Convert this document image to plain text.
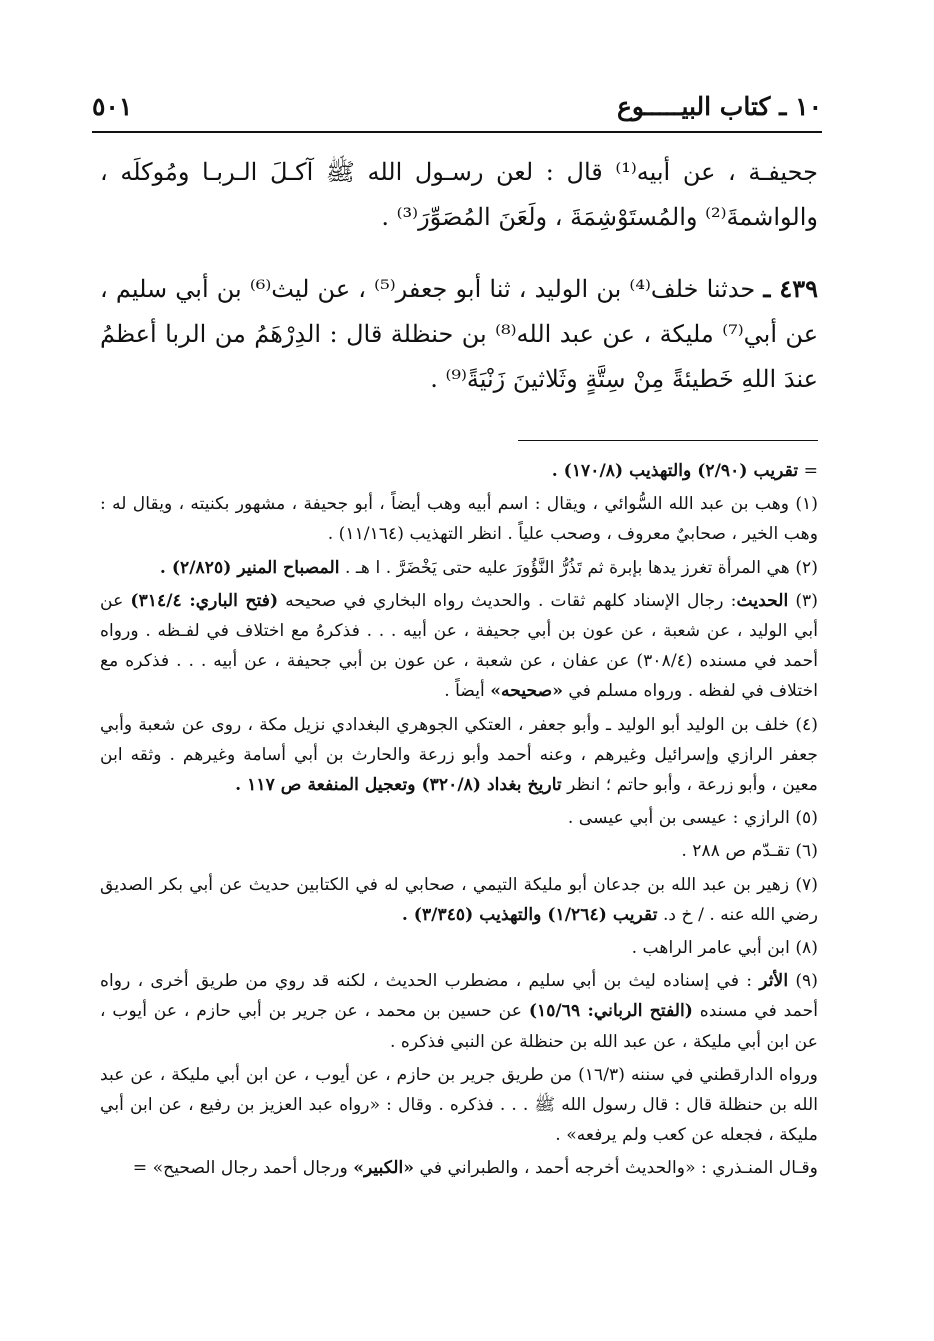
١٠ ـ كتاب البيـــــوع
٥٠١

جحيفـة ، عن أبيه⁽¹⁾ قال : لعن رسـول الله ﷺ آكـلَ الـربـا ومُوكلَه ، والواشمةَ⁽²⁾ والمُستَوْشِمَةَ ، ولَعَنَ المُصَوِّرَ⁽³⁾ .

٤٣٩ ـ حدثنا خلف⁽⁴⁾ بن الوليد ، ثنا أبو جعفر⁽⁵⁾ ، عن ليث⁽⁶⁾ بن أبي سليم ، عن أبي⁽⁷⁾ مليكة ، عن عبد الله⁽⁸⁾ بن حنظلة قال : الدِرْهَمُ من الربا أعظمُ عندَ اللهِ خَطيئةً مِنْ سِتَّةٍ وثَلاثينَ زَنْيَةً⁽⁹⁾ .

= تقريب (٢/٩٠) والتهذيب (١٧٠/٨) .

(١) وهب بن عبد الله السُّوائي ، ويقال : اسم أبيه وهب أيضاً ، أبو جحيفة ، مشهور بكنيته ، ويقال له : وهب الخير ، صحابيٌ معروف ، وصحب علياً . انظر التهذيب (١١/١٦٤) .

(٢) هي المرأة تغرز يدها بإبرة ثم تَذُرُّ النَّؤُورَ عليه حتى يَخْضَرَّ . ا هـ . المصباح المنير (٢/٨٢٥) .

(٣) الحديث: رجال الإسناد كلهم ثقات . والحديث رواه البخاري في صحيحه (فتح الباري: ٣١٤/٤) عن أبي الوليد ، عن شعبة ، عن عون بن أبي جحيفة ، عن أبيه . . . فذكرهُ مع اختلاف في لفـظه . ورواه أحمد في مسنده (٣٠٨/٤) عن عفان ، عن شعبة ، عن عون بن أبي جحيفة ، عن أبيه . . . فذكره مع اختلاف في لفظه . ورواه مسلم في «صحيحه» أيضاً .

(٤) خلف بن الوليد أبو الوليد ـ وأبو جعفر ، العتكي الجوهري البغدادي نزيل مكة ، روى عن شعبة وأبي جعفر الرازي وإسرائيل وغيرهم ، وعنه أحمد وأبو زرعة والحارث بن أبي أسامة وغيرهم . وثقه ابن معين ، وأبو زرعة ، وأبو حاتم ؛ انظر تاريخ بغداد (٣٢٠/٨) وتعجيل المنفعة ص ١١٧ .

(٥) الرازي : عيسى بن أبي عيسى .

(٦) تقـدّم ص ٢٨٨ .

(٧) زهير بن عبد الله بن جدعان أبو مليكة التيمي ، صحابي له في الكتابين حديث عن أبي بكر الصديق رضي الله عنه . / خ د. تقريب (١/٢٦٤) والتهذيب (٣/٣٤٥) .

(٨) ابن أبي عامر الراهب .

(٩) الأثر : في إسناده ليث بن أبي سليم ، مضطرب الحديث ، لكنه قد روي من طريق أخرى ، رواه أحمد في مسنده (الفتح الرباني: ١٥/٦٩) عن حسين بن محمد ، عن جرير بن أبي حازم ، عن أيوب ، عن ابن أبي مليكة ، عن عبد الله بن حنظلة عن النبي فذكره .

ورواه الدارقطني في سننه (١٦/٣) من طريق جرير بن حازم ، عن أيوب ، عن ابن أبي مليكة ، عن عبد الله بن حنظلة قال : قال رسول الله ﷺ . . . فذكره . وقال : «رواه عبد العزيز بن رفيع ، عن ابن أبي مليكة ، فجعله عن كعب ولم يرفعه» .

وقـال المنـذري : «والحديث أخرجه أحمد ، والطبراني في «الكبير» ورجال أحمد رجال الصحيح» =
